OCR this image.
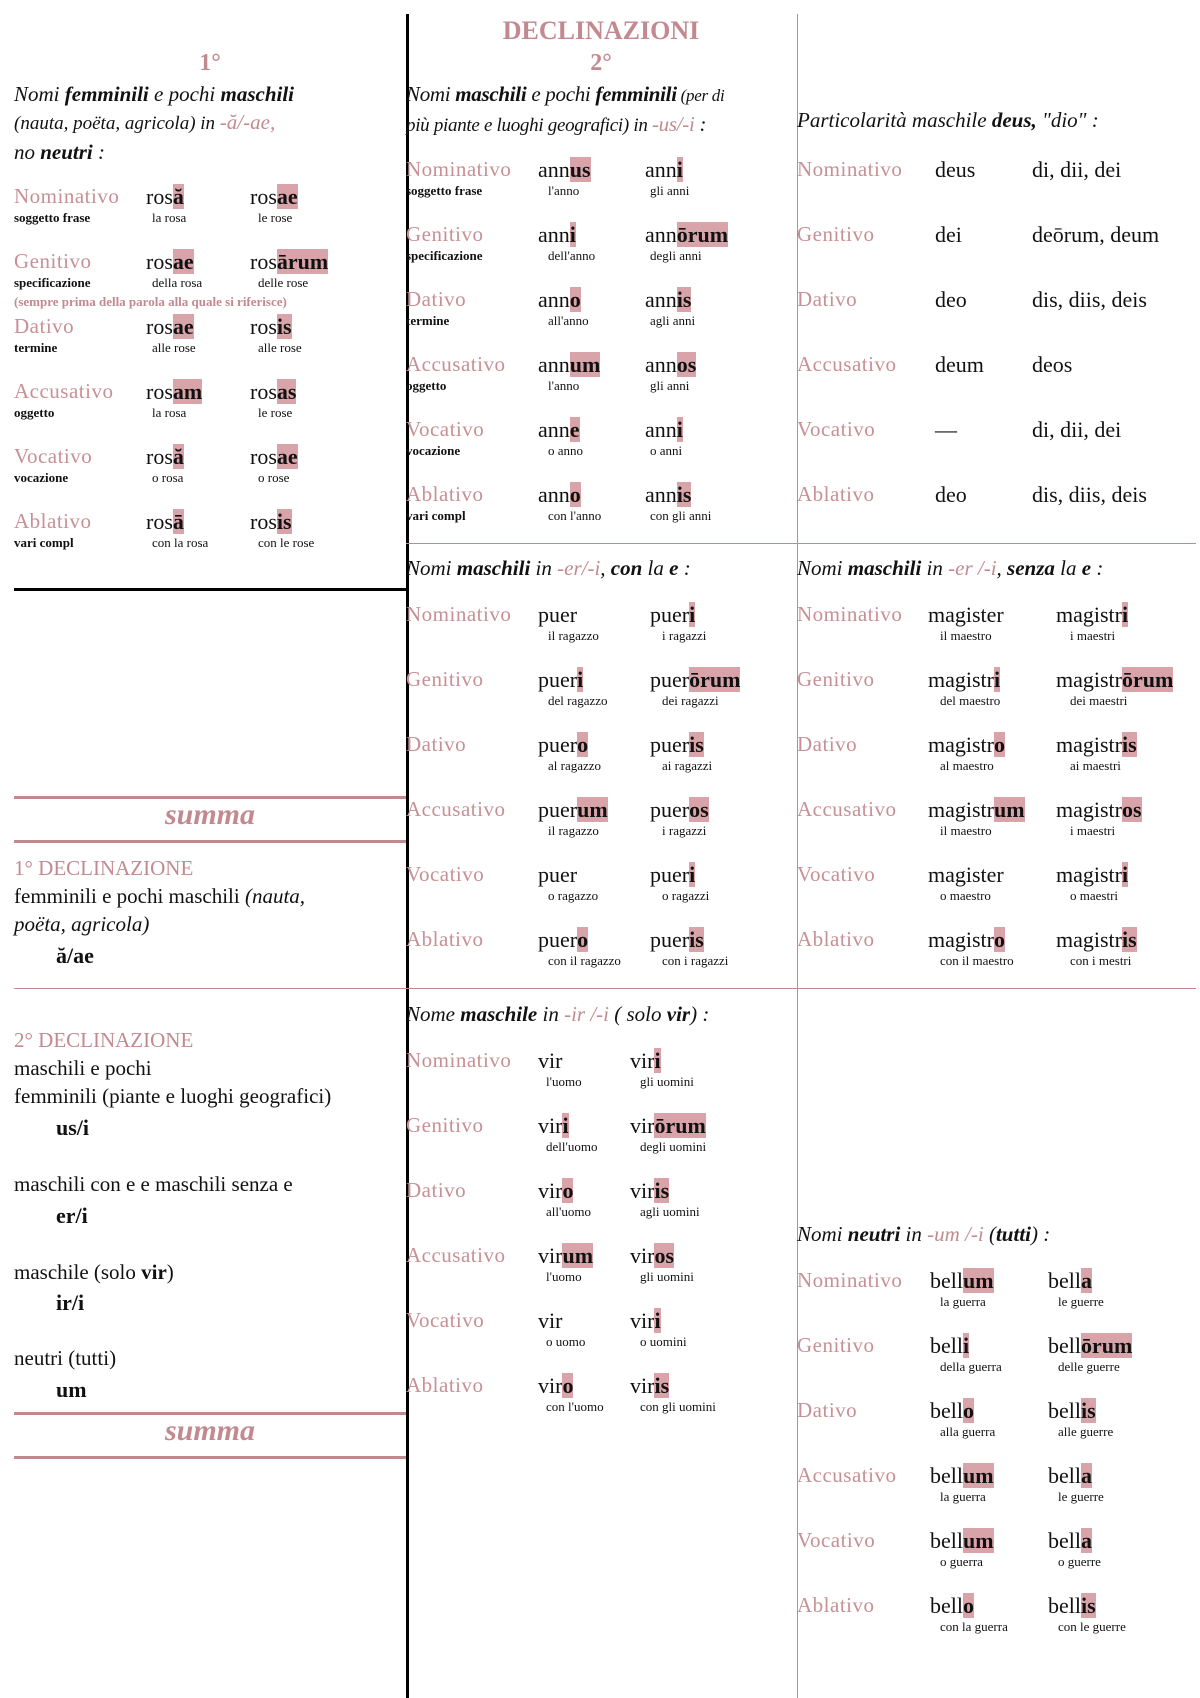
DECLINAZIONI
1°
Nomi femminili e pochi maschili
(nauta, poëta, agricola) in -ă/-ae,
no neutri :
Nominativo
soggetto frase
rosă
la rosa
rosae
le rose
Genitivo
specificazione
rosae
della rosa
rosārum
delle rose
Dativo
termine
rosae
alle rose
rosis
alle rose
Accusativo
oggetto
rosam
la rosa
rosas
le rose
Vocativo
vocazione
rosă
o rosa
rosae
o rose
Ablativo
vari compl
rosā
con la rosa
rosis
con le rose
(sempre prima della parola alla quale si riferisce)
2°
Nomi maschili e pochi femminili (per di
più piante e luoghi geografici) in -us/-i :
Nominativo
soggetto frase
annus
l'anno
anni
gli anni
Genitivo
specificazione
anni
dell'anno
annōrum
degli anni
Dativo
termine
anno
all'anno
annis
agli anni
Accusativo
oggetto
annum
l'anno
annos
gli anni
Vocativo
vocazione
anne
o anno
anni
o anni
Ablativo
vari compl
anno
con l'anno
annis
con gli anni
Particolarità maschile deus, "dio" :
Nominativo deus	di, dii, dei
Genitivo	dei	deōrum, deum
Dativo	deo	dis, diis, deis
Accusativo deum deos
Vocativo	—	di, dii, dei
Ablativo	deo	dis, diis, deis
Nomi maschili in -er/-i, con la e :
Nominativo puer
il ragazzo
pueri
i ragazzi
Genitivo pueri
del ragazzo
puerōrum
dei ragazzi
Dativo	puero
al ragazzo
pueris
ai ragazzi
Accusativo puerum
il ragazzo
pueros
i ragazzi
Vocativo puer
o ragazzo
pueri
o ragazzi
Ablativo puero
con il ragazzo
pueris
con i ragazzi
Nomi maschili in -er /-i, senza la e :
Nominativo magister
il maestro
magistri
i maestri
Genitivo magistri
del maestro
magistrōrum
dei maestri
Dativo	magistro
al maestro
magistris
ai maestri
Accusativo magistrum
il maestro
magistros
i maestri
Vocativo magister
o maestro
magistri
o maestri
Ablativo magistro
con il maestro
magistris
con i mestri
Nome maschile in -ir /-i ( solo vir) :
Nominativo vir
l'uomo
viri
gli uomini
Genitivo viri
dell'uomo
virōrum
degli uomini
Dativo	viro
all'uomo
viris
agli uomini
Accusativo virum
l'uomo
viros
gli uomini
Vocativo vir
o uomo
viri
o uomini
Ablativo viro
con l'uomo
viris
con gli uomini
Nomi neutri in -um /-i (tutti) :
Nominativo bellum
la guerra
bella
le guerre
Genitivo	belli
della guerra
bellōrum
delle guerre
Dativo	bello
alla guerra
bellis
alle guerre
Accusativo bellum
la guerra
bella
le guerre
Vocativo bellum
o guerra
bella
o guerre
Ablativo	bello
con la guerra
bellis
con le guerre
summa
1° DECLINAZIONE
femminili e pochi maschili (nauta,
poëta, agricola)
ă/ae
2° DECLINAZIONE
maschili e pochi
femminili (piante e luoghi geografici)
us/i
maschili con e e maschili senza e
er/i
maschile (solo vir)
ir/i
neutri (tutti)
um
summa
